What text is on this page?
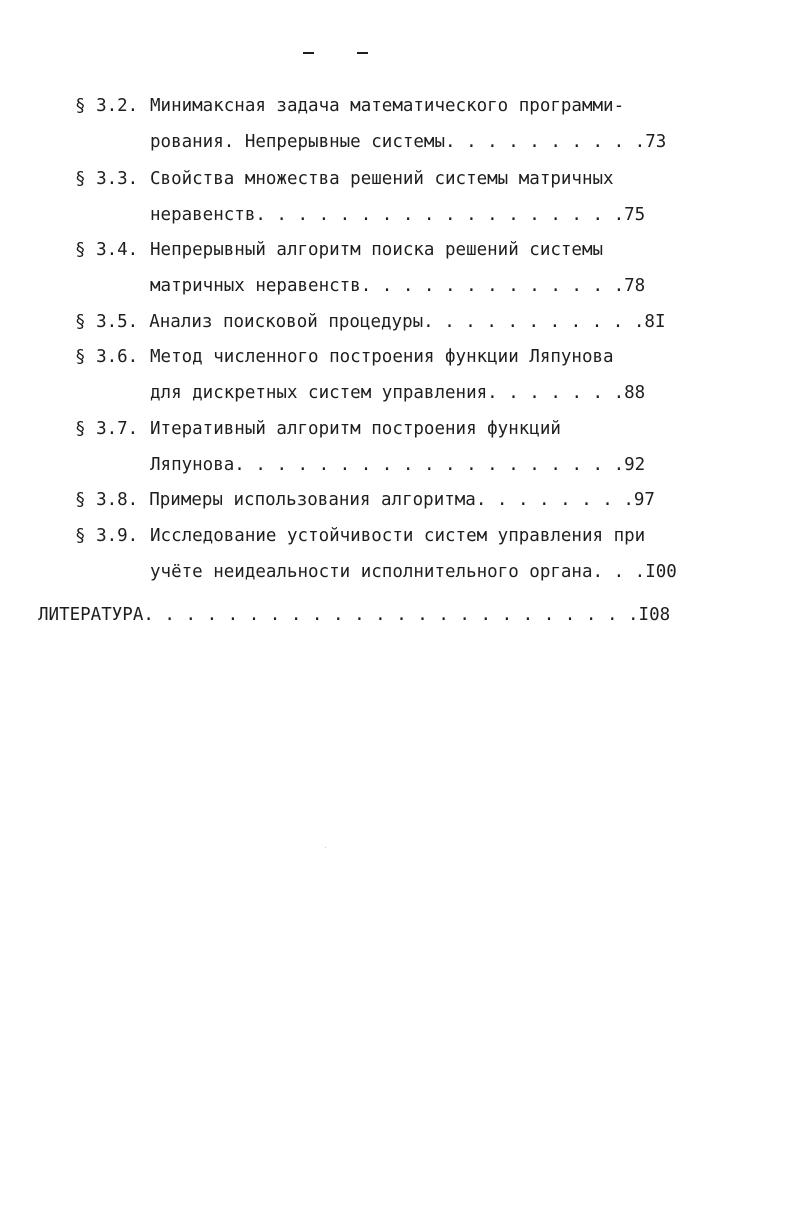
§ 3.2. Минимаксная задача математического программи-
рования. Непрерывные системы . . . . . . . . . . 73
§ 3.3. Свойства множества решений системы матричных
неравенств . . . . . . . . . . . . . . . . . . 75
§ 3.4. Непрерывный алгоритм поиска решений системы
матричных неравенств . . . . . . . . . . . . . 78
§ 3.5. Анализ поисковой процедуры . . . . . . . . . . . 8I
§ 3.6. Метод численного построения функции Ляпунова
для дискретных систем управления . . . . . . . 88
§ 3.7. Итеративный алгоритм построения функций
Ляпунова . . . . . . . . . . . . . . . . . . . 92
§ 3.8. Примеры использования алгоритма . . . . . . . . 97
§ 3.9. Исследование устойчивости систем управления при
учёте неидеальности исполнительного органа . . . I00
ЛИТЕРАТУРА . . . . . . . . . . . . . . . . . . . . . . . . I08
